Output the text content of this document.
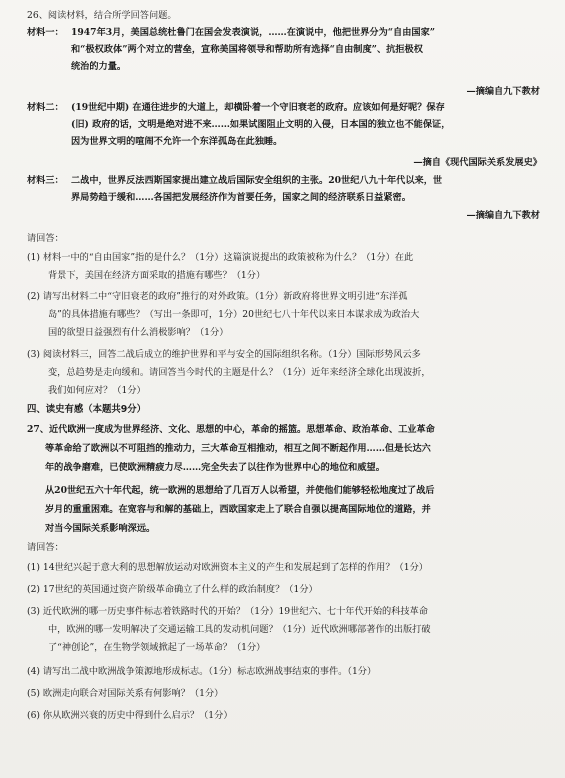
26、阅读材料，结合所学回答问题。
材料一： 1947年3月，美国总统杜鲁门在国会发表演说，……在演说中，他把世界分为“自由国家”
和“极权政体”两个对立的营垒，宣称美国将领导和帮助所有选择“自由制度”、抗拒极权
统治的力量。
—摘编自九下教材
材料二： (19世纪中期) 在通往进步的大道上，却横卧着一个守旧衰老的政府。应该如何是好呢？保存
(旧) 政府的话，文明是绝对进不来……如果试图阻止文明的入侵，日本国的独立也不能保证，
因为世界文明的喧闹不允许一个东洋孤岛在此独睡。
—摘自《现代国际关系发展史》
材料三： 二战中，世界反法西斯国家提出建立战后国际安全组织的主张。20世纪八九十年代以来，世
界局势趋于缓和……各国把发展经济作为首要任务，国家之间的经济联系日益紧密。
—摘编自九下教材
请回答：
(1) 材料一中的“自由国家”指的是什么？（1分）这篇演说提出的政策被称为什么？（1分）在此
背景下，美国在经济方面采取的措施有哪些？（1分）
(2) 请写出材料二中“守旧衰老的政府”推行的对外政策。（1分）新政府将世界文明引进“东洋孤
岛”的具体措施有哪些？（写出一条即可，1分）20世纪七八十年代以来日本谋求成为政治大
国的欲望日益强烈有什么消极影响？（1分）
(3) 阅读材料三，回答二战后成立的维护世界和平与安全的国际组织名称。（1分）国际形势风云多
变，总趋势是走向缓和。请回答当今时代的主题是什么？（1分）近年来经济全球化出现波折，
我们如何应对？（1分）
四、读史有感（本题共9分）
27、近代欧洲一度成为世界经济、文化、思想的中心，革命的摇篮。思想革命、政治革命、工业革命
等革命给了欧洲以不可阻挡的推动力，三大革命互相推动，相互之间不断起作用……但是长达六
年的战争磨难，已使欧洲精疲力尽……完全失去了以往作为世界中心的地位和威望。
从20世纪五六十年代起，统一欧洲的思想给了几百万人以希望，并使他们能够轻松地度过了战后
岁月的重重困难。在宽容与和解的基础上，西欧国家走上了联合自强以提高国际地位的道路，并
对当今国际关系影响深远。
请回答：
(1) 14世纪兴起于意大利的思想解放运动对欧洲资本主义的产生和发展起到了怎样的作用？（1分）
(2) 17世纪的英国通过资产阶级革命确立了什么样的政治制度？（1分）
(3) 近代欧洲的哪一历史事件标志着铁路时代的开始？（1分）19世纪六、七十年代开始的科技革命
中，欧洲的哪一发明解决了交通运输工具的发动机问题？（1分）近代欧洲哪部著作的出版打破
了“神创论”，在生物学领域掀起了一场革命？（1分）
(4) 请写出二战中欧洲战争策源地形成标志。（1分）标志欧洲战事结束的事件。（1分）
(5) 欧洲走向联合对国际关系有何影响？（1分）
(6) 你从欧洲兴衰的历史中得到什么启示？（1分）
